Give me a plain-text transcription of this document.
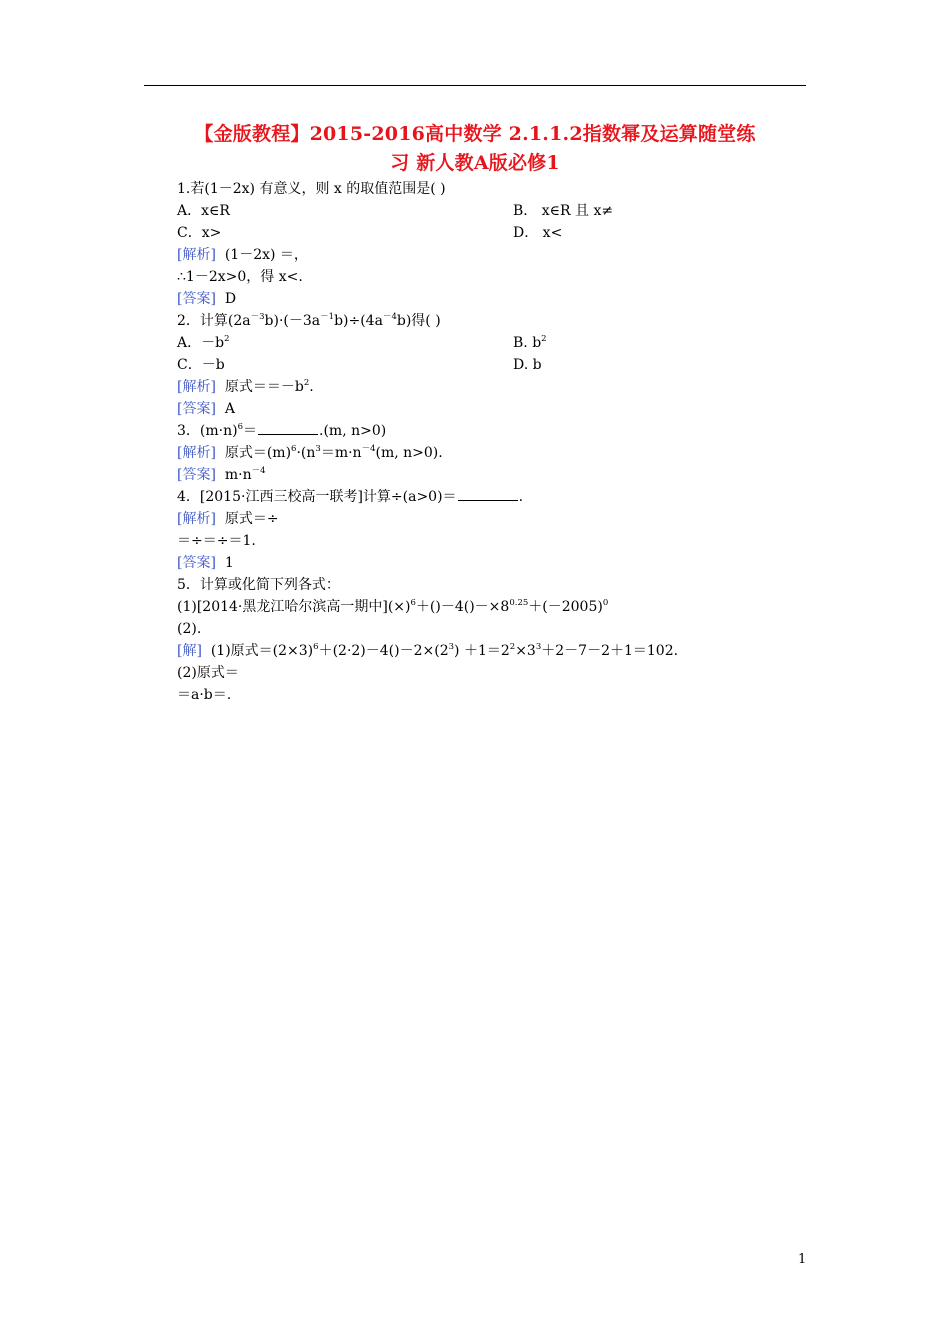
【金版教程】2015-2016高中数学 2.1.1.2指数幂及运算随堂练
习 新人教A版必修1
1.若(1－2x) 有意义，则 x 的取值范围是( )
A．x∈R	B． x∈R 且 x≠
C．x>	D． x<
[解析] (1－2x) ＝，
∴1－2x>0，得 x<.
[答案] D
2．计算$(2a^{-3}b)\cdot(-3a^{-1}b)\div(4a^{-4}b)$得( )
A．$-b^2$	B. $b^2$
C．－b	D. b
[解析] 原式$==-b^2$.
[答案] A
3．$(m\cdot n)^6=$	.(m, n>0)
[解析] 原式$=(m)^6\cdot(n^3=m\cdot n^{-4}(m$, n>0).
[答案] $m\cdot n^{-4}$
4．[2015·江西三校高一联考]计算÷(a>0)＝	.
[解析] 原式＝÷
＝÷＝÷＝1.
[答案] 1
5．计算或化简下列各式：
(1)[2014·黑龙江哈尔滨高一期中]$(\times)^6+()-4()-\times 8^{0.25}+(-2005)^0$
(2).
[解] (1)原式$=(2\times 3)^6+(2\cdot 2)-4()-2\times(2^3) +1=2^2\times 3^3+2-7-2+1=102$.
(2)原式＝
＝a·b＝.
1
